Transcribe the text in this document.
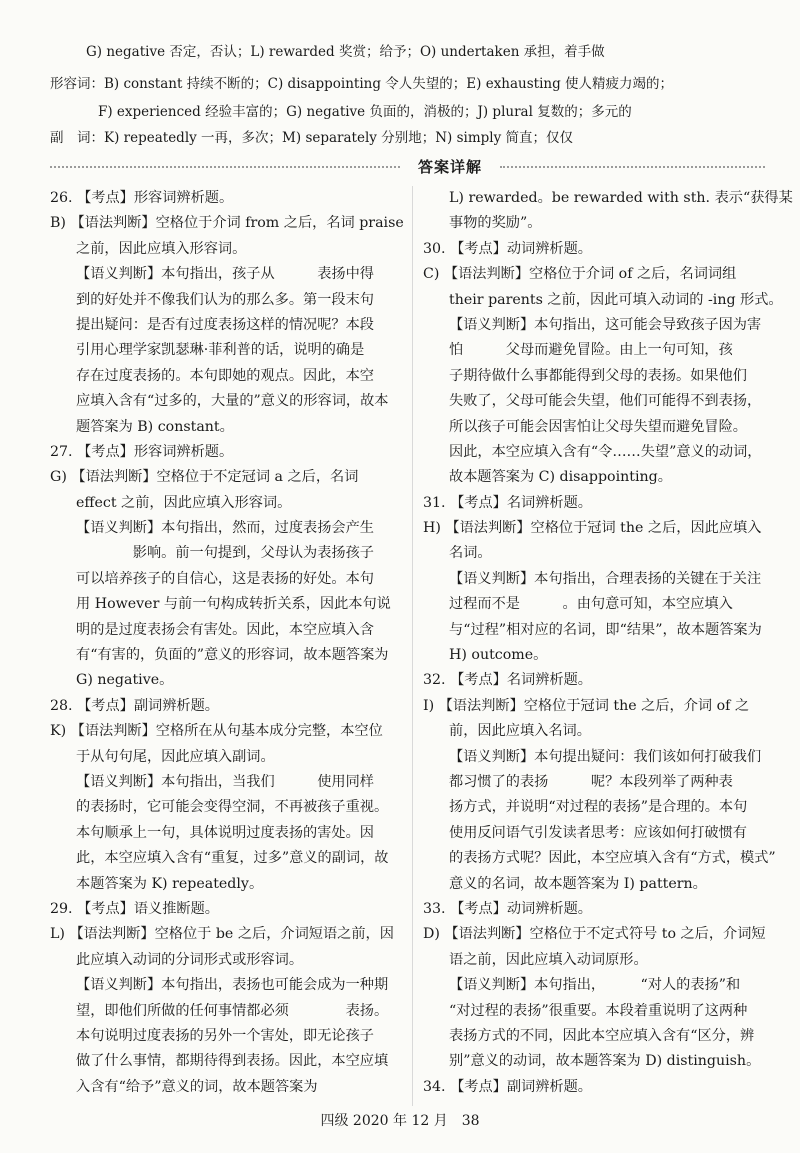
G) negative 否定，否认；L) rewarded 奖赏；给予；O) undertaken 承担，着手做
形容词：B) constant 持续不断的；C) disappointing 令人失望的；E) exhausting 使人精疲力竭的；
F) experienced 经验丰富的；G) negative 负面的，消极的；J) plural 复数的；多元的
副　词：K) repeatedly 一再，多次；M) separately 分别地；N) simply 简直；仅仅
答案详解
26. 【考点】形容词辨析题。
B) 【语法判断】空格位于介词 from 之后，名词 praise
之前，因此应填入形容词。
【语义判断】本句指出，孩子从　　　表扬中得
到的好处并不像我们认为的那么多。第一段末句
提出疑问：是否有过度表扬这样的情况呢？本段
引用心理学家凯瑟琳·菲利普的话，说明的确是
存在过度表扬的。本句即她的观点。因此，本空
应填入含有“过多的，大量的”意义的形容词，故本
题答案为 B) constant。
27. 【考点】形容词辨析题。
G) 【语法判断】空格位于不定冠词 a 之后，名词
effect 之前，因此应填入形容词。
【语义判断】本句指出，然而，过度表扬会产生
　　　　影响。前一句提到，父母认为表扬孩子
可以培养孩子的自信心，这是表扬的好处。本句
用 However 与前一句构成转折关系，因此本句说
明的是过度表扬会有害处。因此，本空应填入含
有“有害的，负面的”意义的形容词，故本题答案为
G) negative。
28. 【考点】副词辨析题。
K) 【语法判断】空格所在从句基本成分完整，本空位
于从句句尾，因此应填入副词。
【语义判断】本句指出，当我们　　　使用同样
的表扬时，它可能会变得空洞，不再被孩子重视。
本句顺承上一句，具体说明过度表扬的害处。因
此，本空应填入含有“重复，过多”意义的副词，故
本题答案为 K) repeatedly。
29. 【考点】语义推断题。
L) 【语法判断】空格位于 be 之后，介词短语之前，因
此应填入动词的分词形式或形容词。
【语义判断】本句指出，表扬也可能会成为一种期
望，即他们所做的任何事情都必须　　　　表扬。
本句说明过度表扬的另外一个害处，即无论孩子
做了什么事情，都期待得到表扬。因此，本空应填
入含有“给予”意义的词，故本题答案为
L) rewarded。be rewarded with sth. 表示“获得某
事物的奖励”。
30. 【考点】动词辨析题。
C) 【语法判断】空格位于介词 of 之后，名词词组
their parents 之前，因此可填入动词的 -ing 形式。
【语义判断】本句指出，这可能会导致孩子因为害
怕　　　父母而避免冒险。由上一句可知，孩
子期待做什么事都能得到父母的表扬。如果他们
失败了，父母可能会失望，他们可能得不到表扬，
所以孩子可能会因害怕让父母失望而避免冒险。
因此，本空应填入含有“令……失望”意义的动词，
故本题答案为 C) disappointing。
31. 【考点】名词辨析题。
H) 【语法判断】空格位于冠词 the 之后，因此应填入
名词。
【语义判断】本句指出，合理表扬的关键在于关注
过程而不是　　　。由句意可知，本空应填入
与“过程”相对应的名词，即“结果”，故本题答案为
H) outcome。
32. 【考点】名词辨析题。
I) 【语法判断】空格位于冠词 the 之后，介词 of 之
前，因此应填入名词。
【语义判断】本句提出疑问：我们该如何打破我们
都习惯了的表扬　　　呢？本段列举了两种表
扬方式，并说明“对过程的表扬”是合理的。本句
使用反问语气引发读者思考：应该如何打破惯有
的表扬方式呢？因此，本空应填入含有“方式，模式”
意义的名词，故本题答案为 I) pattern。
33. 【考点】动词辨析题。
D) 【语法判断】空格位于不定式符号 to 之后，介词短
语之前，因此应填入动词原形。
【语义判断】本句指出，　　　“对人的表扬”和
“对过程的表扬”很重要。本段着重说明了这两种
表扬方式的不同，因此本空应填入含有“区分，辨
别”意义的动词，故本题答案为 D) distinguish。
34. 【考点】副词辨析题。
四级 2020 年 12 月　38
